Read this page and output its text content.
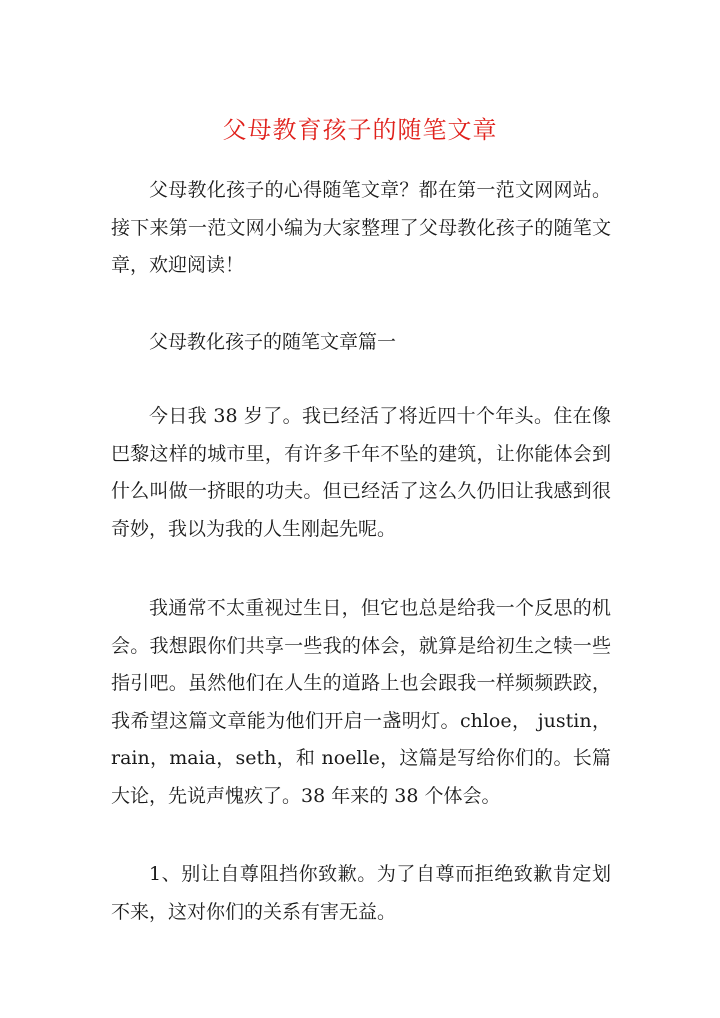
父母教育孩子的随笔文章

父母教化孩子的心得随笔文章？都在第一范文网网站。接下来第一范文网小编为大家整理了父母教化孩子的随笔文章，欢迎阅读！

父母教化孩子的随笔文章篇一

今日我 38 岁了。我已经活了将近四十个年头。住在像巴黎这样的城市里，有许多千年不坠的建筑，让你能体会到什么叫做一挤眼的功夫。但已经活了这么久仍旧让我感到很奇妙，我以为我的人生刚起先呢。

我通常不太重视过生日，但它也总是给我一个反思的机会。我想跟你们共享一些我的体会，就算是给初生之犊一些指引吧。虽然他们在人生的道路上也会跟我一样频频跌跤，我希望这篇文章能为他们开启一盏明灯。chloe， justin，rain，maia，seth，和 noelle，这篇是写给你们的。长篇大论，先说声愧疚了。38 年来的 38 个体会。

1、别让自尊阻挡你致歉。为了自尊而拒绝致歉肯定划不来，这对你们的关系有害无益。
